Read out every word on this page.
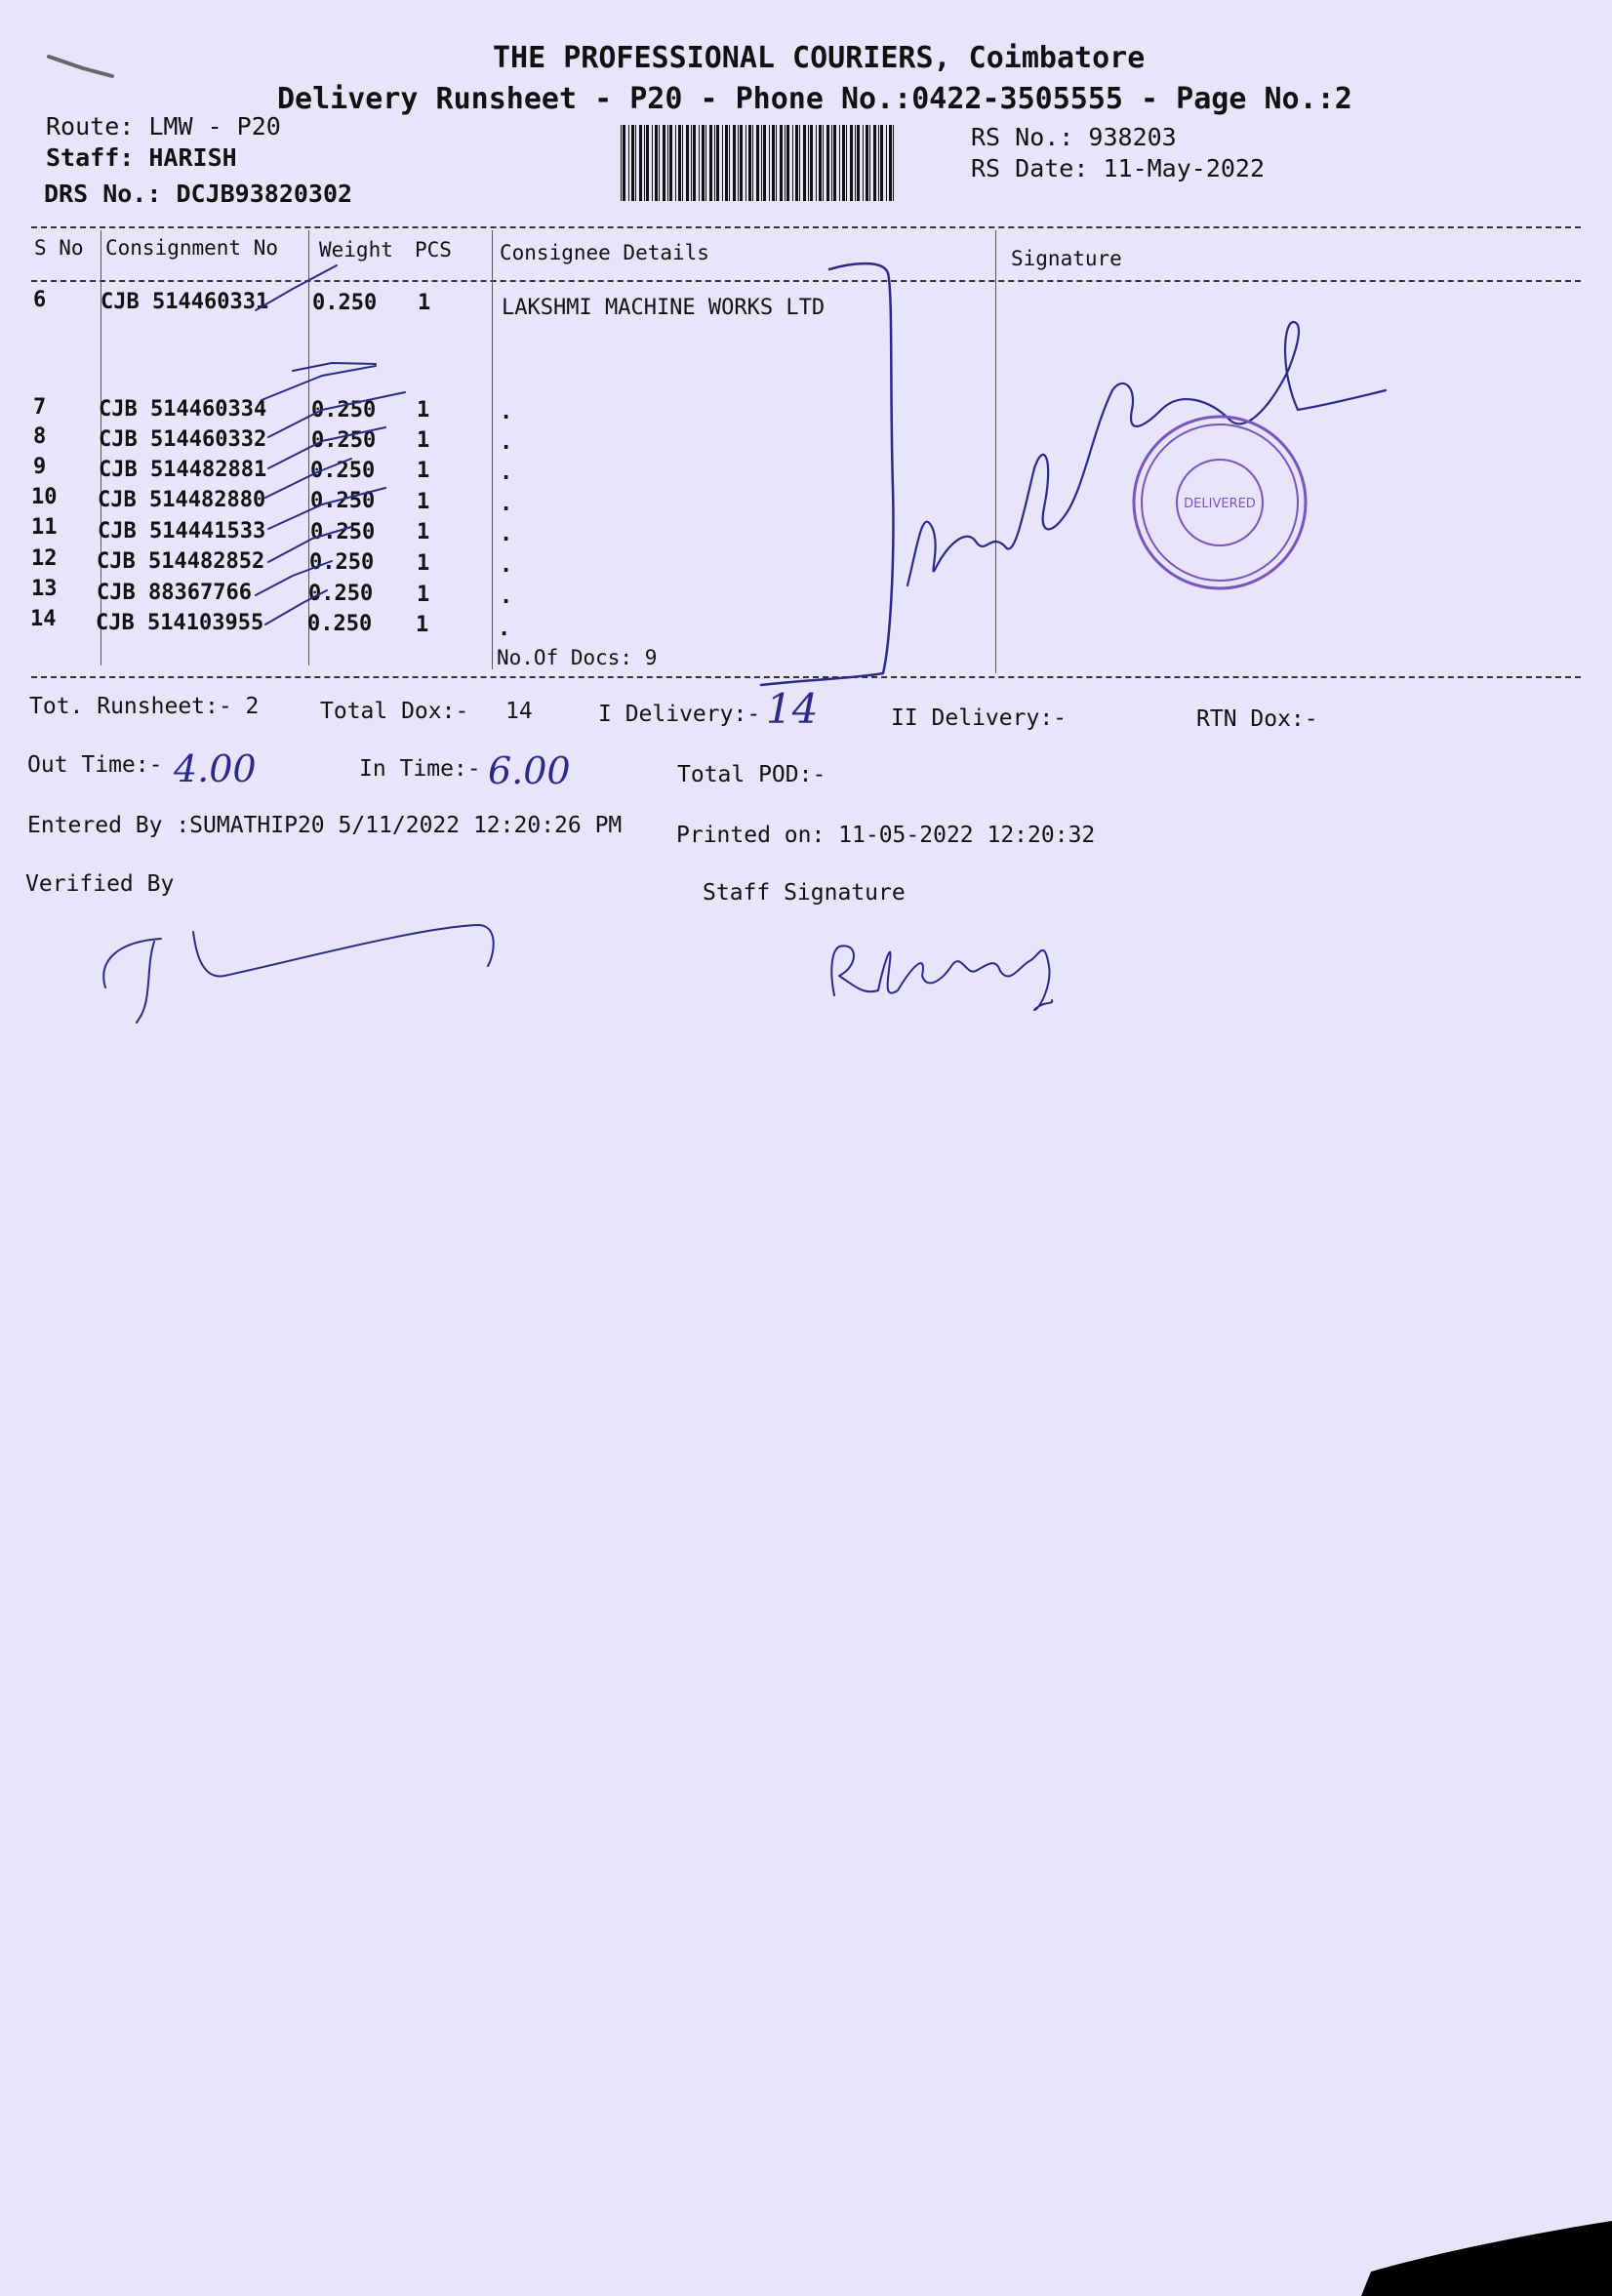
THE PROFESSIONAL COURIERS, Coimbatore
Delivery Runsheet - P20 - Phone No.:0422-3505555 - Page No.:2
Route: LMW - P20
Staff: HARISH
DRS No.: DCJB93820302
RS No.: 938203
RS Date: 11-May-2022
S No Consignment No Weight PCS Consignee Details	Signature
6	CJB 514460331 0.250 1	LAKSHMI MACHINE WORKS LTD
7 CJB 514460334 0.250 1	.
8 CJB 514460332 0.250 1	.
9 CJB 514482881 0.250 1	.
10 CJB 514482880 0.250 1	.
11 CJB 514441533 0.250 1	.
12 CJB 514482852 0.250 1	.
13 CJB 88367766	0.250 1	.
14 CJB 514103955 0.250 1	.
No.Of Docs: 9
DELIVERED
Tot. Runsheet:- 2	Total Dox:- 14	I Delivery:-	II Delivery:-	RTN Dox:-
Out Time:-	In Time:-	Total POD:-
Entered By :SUMATHIP20 5/11/2022 12:20:26 PM Printed on: 11-05-2022 12:20:32
Verified By	Staff Signature
14
4.00	6.00
